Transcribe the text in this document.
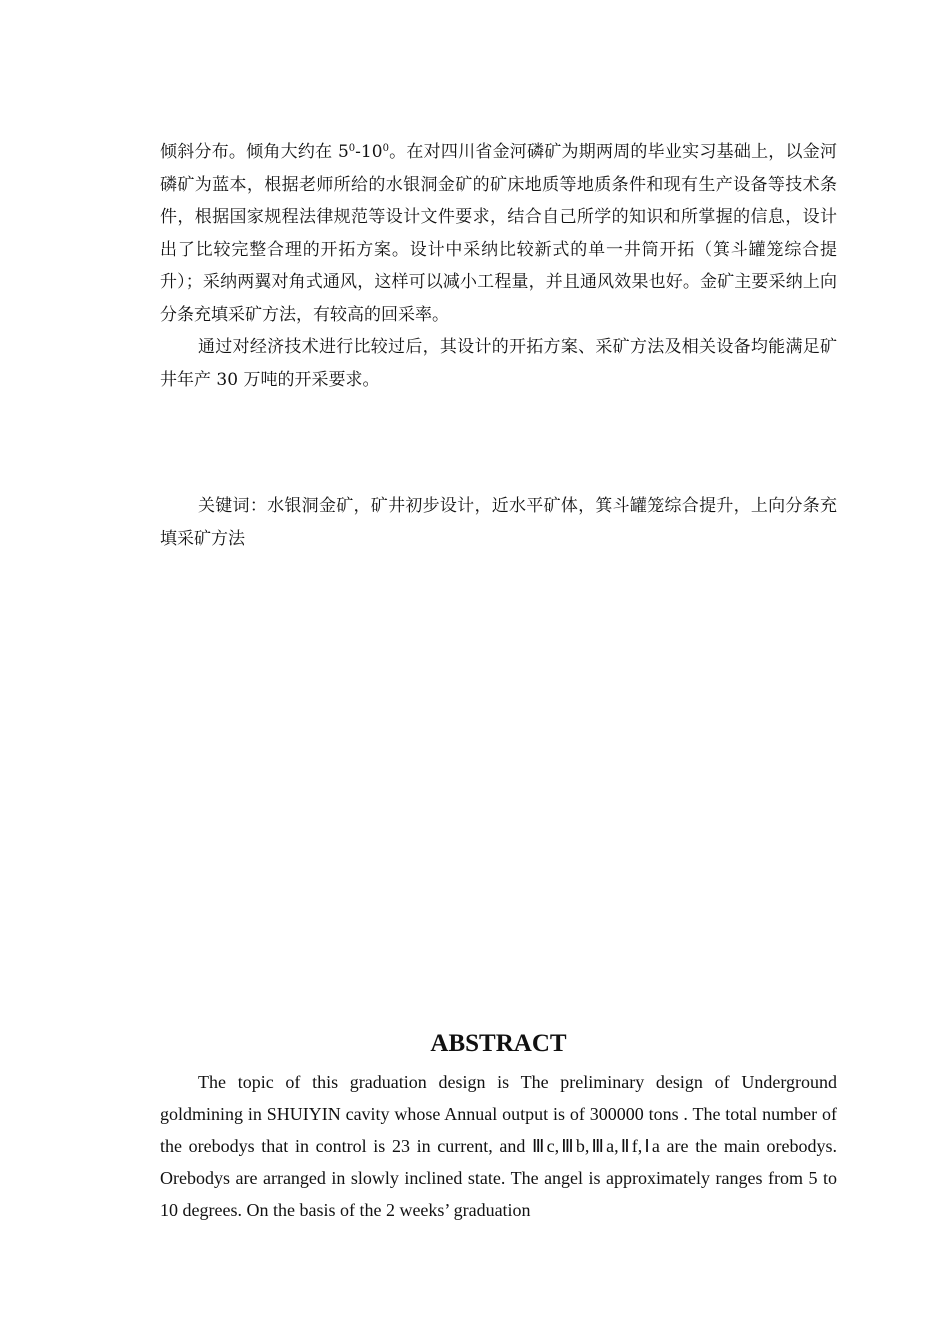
倾斜分布。倾角大约在 $5^0-10^0$。在对四川省金河磷矿为期两周的毕业实习基础上，以金河磷矿为蓝本，根据老师所给的水银洞金矿的矿床地质等地质条件和现有生产设备等技术条件，根据国家规程法律规范等设计文件要求，结合自己所学的知识和所掌握的信息，设计出了比较完整合理的开拓方案。设计中采纳比较新式的单一井筒开拓（箕斗罐笼综合提升）；采纳两翼对角式通风，这样可以减小工程量，并且通风效果也好。金矿主要采纳上向分条充填采矿方法，有较高的回采率。

通过对经济技术进行比较过后，其设计的开拓方案、采矿方法及相关设备均能满足矿井年产 30 万吨的开采要求。

关键词：水银洞金矿，矿井初步设计，近水平矿体，箕斗罐笼综合提升，上向分条充填采矿方法

ABSTRACT

The topic of this graduation design is The preliminary design of Underground goldmining in SHUIYIN cavity whose Annual output is of 300000 tons . The total number of the orebodys that in control is 23 in current, and Ⅲc,Ⅲb,Ⅲa,Ⅱf,Ⅰa are the main orebodys. Orebodys are arranged in slowly inclined state. The angel is approximately ranges from 5 to 10 degrees. On the basis of the 2 weeks’ graduation
